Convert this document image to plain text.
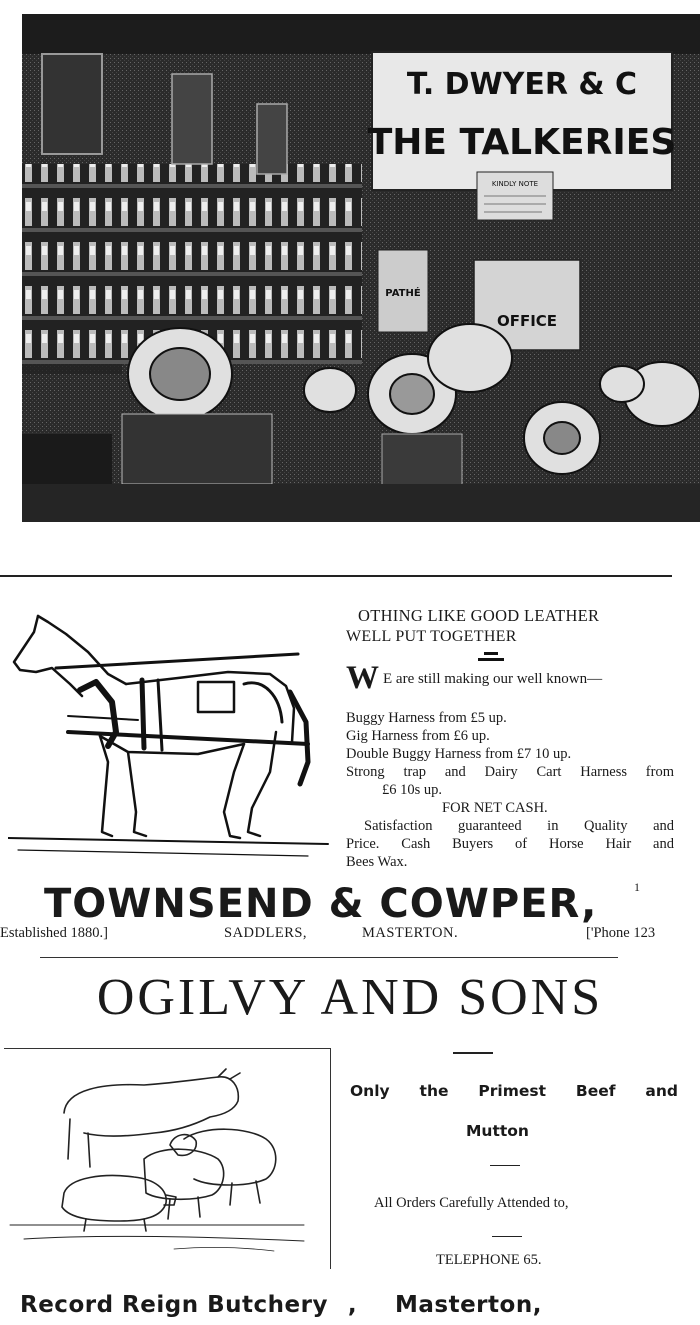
T. DWYER & C
THE TALKERIES
KINDLY NOTE
PATHÉ
OFFICE
OTHING LIKE GOOD LEATHER
WELL PUT TOGETHER
W E are still making our well known—
Buggy Harness from £5 up.
Gig Harness from £6 up.
Double Buggy Harness from £7 10 up.
Strong trap and Dairy Cart Harness from
£6 10s up.
FOR NET CASH.
Satisfaction guaranteed in Quality and
Price. Cash Buyers of Horse Hair and
Bees Wax.
TOWNSEND & COWPER,	1
Established 1880.]	SADDLERS,	MASTERTON.	['Phone 123
OGILVY AND SONS
Only the Primest Beef and
Mutton
All Orders Carefully Attended to,
TELEPHONE 65.
Record Reign Butchery , Masterton,
